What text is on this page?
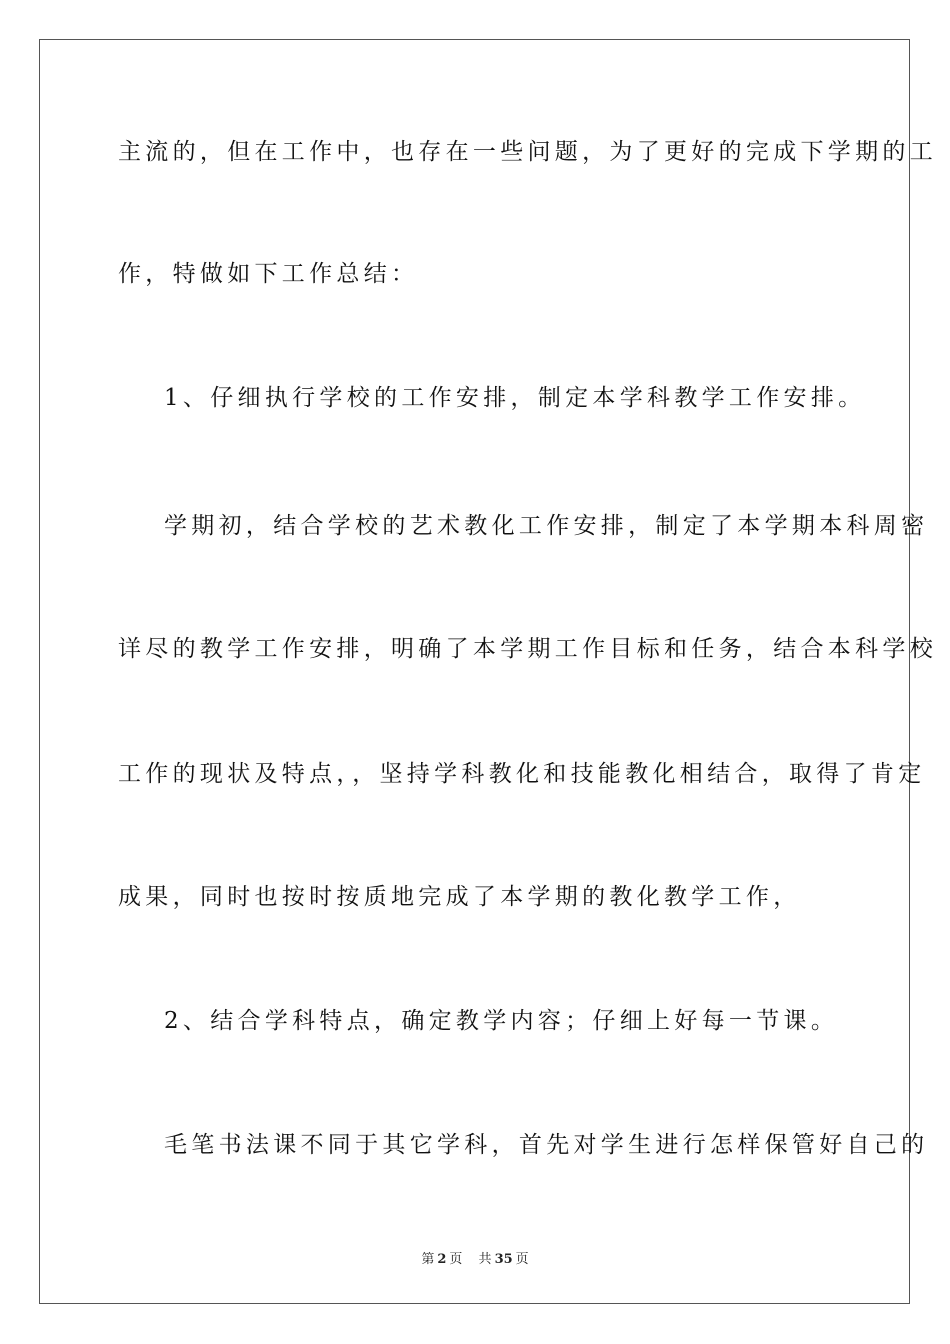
主流的，但在工作中，也存在一些问题，为了更好的完成下学期的工
作，特做如下工作总结：
1、仔细执行学校的工作安排，制定本学科教学工作安排。
学期初，结合学校的艺术教化工作安排，制定了本学期本科周密
详尽的教学工作安排，明确了本学期工作目标和任务，结合本科学校
工作的现状及特点，，坚持学科教化和技能教化相结合，取得了肯定
成果，同时也按时按质地完成了本学期的教化教学工作，
2、结合学科特点，确定教学内容；仔细上好每一节课。
毛笔书法课不同于其它学科，首先对学生进行怎样保管好自己的
第 2 页 共 35 页
